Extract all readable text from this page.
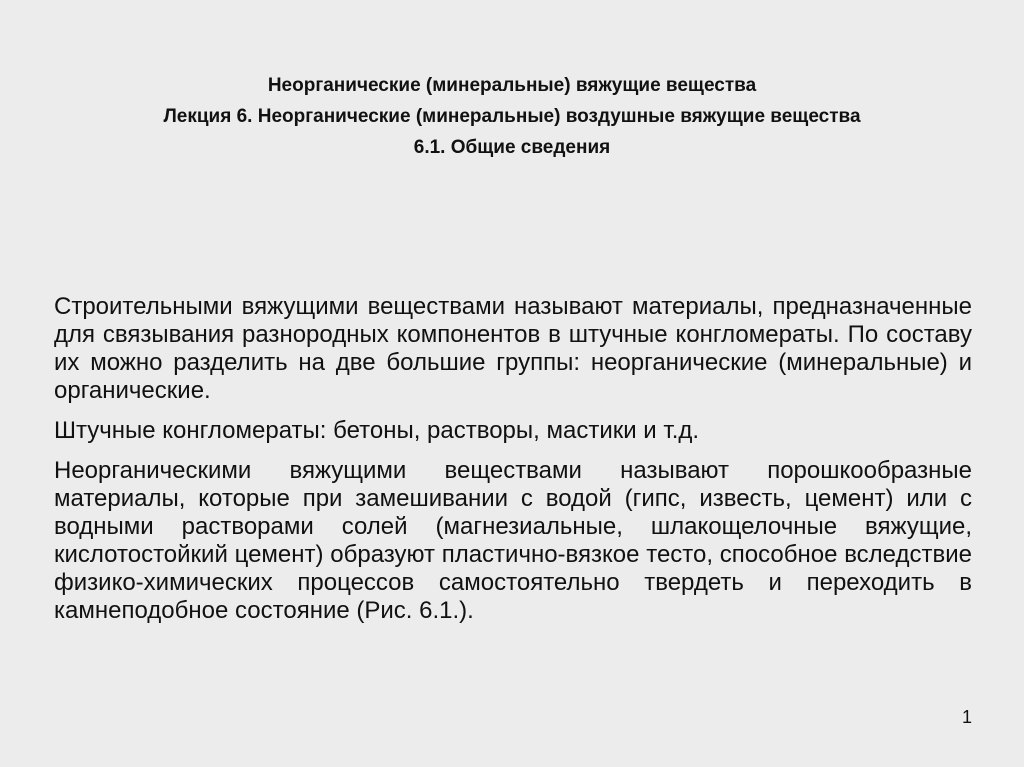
Неорганические (минеральные) вяжущие вещества
Лекция 6. Неорганические (минеральные) воздушные вяжущие вещества
6.1. Общие сведения

Строительными вяжущими веществами называют материалы, предназначенные для связывания разнородных компонентов в штучные конгломераты. По составу их можно разделить на две большие группы: неорганические (минеральные) и органические.

Штучные конгломераты: бетоны, растворы, мастики и т.д.

Неорганическими вяжущими веществами называют порошкообразные материалы, которые при замешивании с водой (гипс, известь, цемент) или с водными растворами солей (магнезиальные, шлакощелочные вяжущие, кислотостойкий цемент) образуют пластично-вязкое тесто, способное вследствие физико-химических процессов самостоятельно твердеть и переходить в камнеподобное состояние (Рис. 6.1.).

1
